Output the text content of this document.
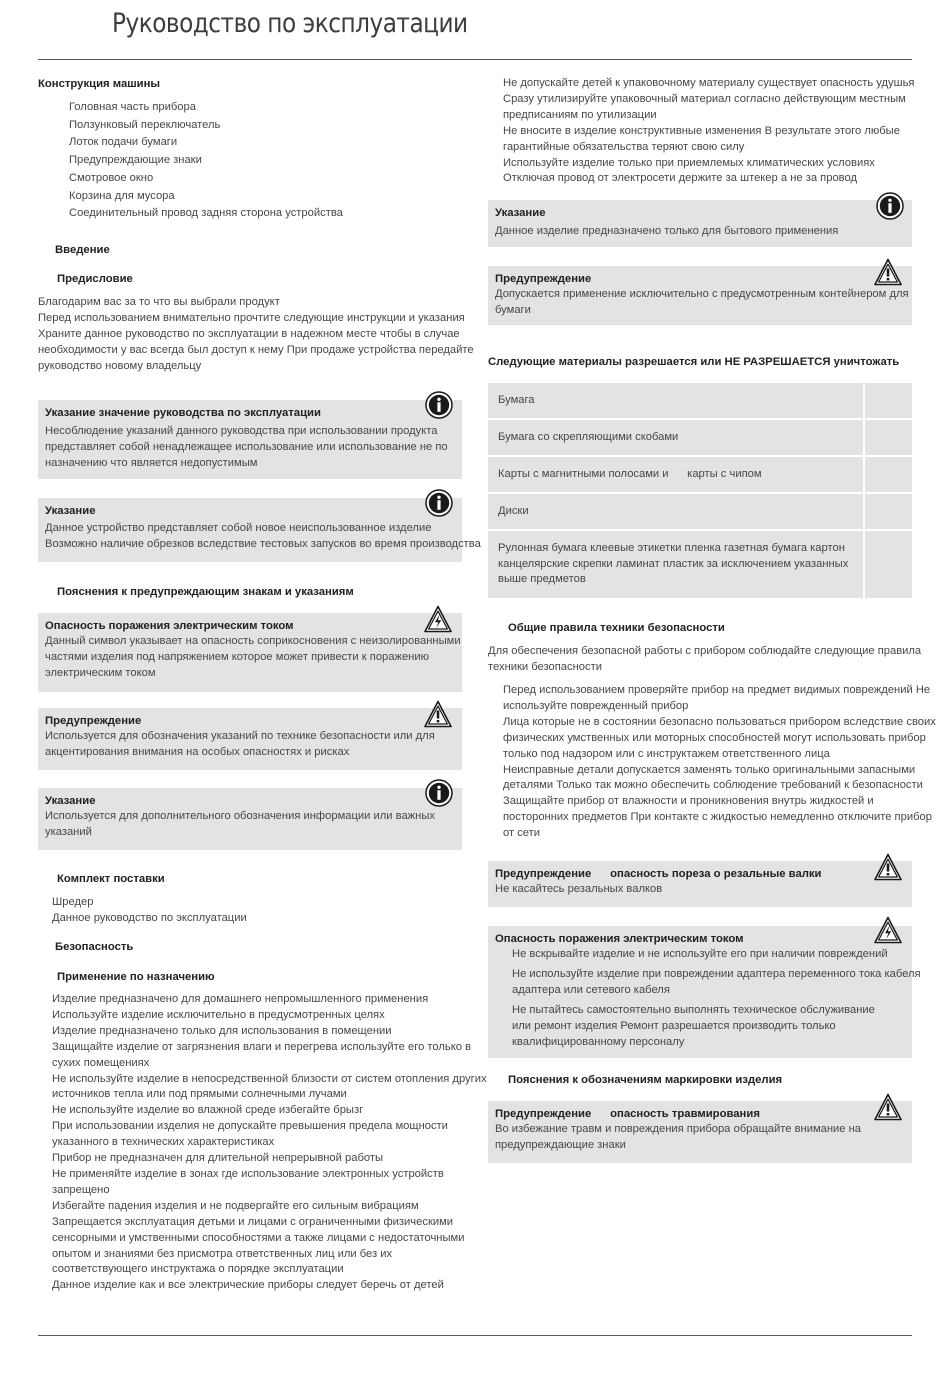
Руководство по эксплуатации
Конструкция машины
Головная часть прибора
Ползунковый переключатель
Лоток подачи бумаги
Предупреждающие знаки
Смотровое окно
Корзина для мусора
Соединительный провод задняя сторона устройства
Введение
Предисловие
Благодарим вас за то что вы выбрали продукт
Перед использованием внимательно прочтите следующие инструкции и указания
Храните данное руководство по эксплуатации в надежном месте чтобы в случае
необходимости у вас всегда был доступ к нему При продаже устройства передайте
руководство новому владельцу
Указание значение руководства по эксплуатации
Несоблюдение указаний данного руководства при использовании продукта
представляет собой ненадлежащее использование или использование не по
назначению что является недопустимым
Указание
Данное устройство представляет собой новое неиспользованное изделие
Возможно наличие обрезков вследствие тестовых запусков во время производства
Пояснения к предупреждающим знакам и указаниям
Опасность поражения электрическим током
Данный символ указывает на опасность соприкосновения с неизолированными
частями изделия под напряжением которое может привести к поражению
электрическим током
Предупреждение
Используется для обозначения указаний по технике безопасности или для
акцентирования внимания на особых опасностях и рисках
Указание
Используется для дополнительного обозначения информации или важных
указаний
Комплект поставки
Шредер
Данное руководство по эксплуатации
Безопасность
Применение по назначению
Изделие предназначено для домашнего непромышленного применения
Используйте изделие исключительно в предусмотренных целях
Изделие предназначено только для использования в помещении
Защищайте изделие от загрязнения влаги и перегрева используйте его только в
сухих помещениях
Не используйте изделие в непосредственной близости от систем отопления других
источников тепла или под прямыми солнечными лучами
Не используйте изделие во влажной среде избегайте брызг
При использовании изделия не допускайте превышения предела мощности
указанного в технических характеристиках
Прибор не предназначен для длительной непрерывной работы
Не применяйте изделие в зонах где использование электронных устройств
запрещено
Избегайте падения изделия и не подвергайте его сильным вибрациям
Запрещается эксплуатация детьми и лицами с ограниченными физическими
сенсорными и умственными способностями а также лицами с недостаточными
опытом и знаниями без присмотра ответственных лиц или без их
соответствующего инструктажа о порядке эксплуатации
Данное изделие как и все электрические приборы следует беречь от детей
Не допускайте детей к упаковочному материалу существует опасность удушья
Сразу утилизируйте упаковочный материал согласно действующим местным
предписаниям по утилизации
Не вносите в изделие конструктивные изменения В результате этого любые
гарантийные обязательства теряют свою силу
Используйте изделие только при приемлемых климатических условиях
Отключая провод от электросети держите за штекер а не за провод
Указание
Данное изделие предназначено только для бытового применения
Предупреждение
Допускается применение исключительно с предусмотренным контейнером для
бумаги
Следующие материалы разрешается или НЕ РАЗРЕШАЕТСЯ уничтожать
Бумага
Бумага со скрепляющими скобами
Карты с магнитными полосами и      карты с чипом
Диски
Рулонная бумага клеевые этикетки пленка газетная бумага картон
канцелярские скрепки ламинат пластик за исключением указанных
выше предметов
Общие правила техники безопасности
Для обеспечения безопасной работы с прибором соблюдайте следующие правила
техники безопасности
Перед использованием проверяйте прибор на предмет видимых повреждений Не
используйте поврежденный прибор
Лица которые не в состоянии безопасно пользоваться прибором вследствие своих
физических умственных или моторных способностей могут использовать прибор
только под надзором или с инструктажем ответственного лица
Неисправные детали допускается заменять только оригинальными запасными
деталями Только так можно обеспечить соблюдение требований к безопасности
Защищайте прибор от влажности и проникновения внутрь жидкостей и
посторонних предметов При контакте с жидкостью немедленно отключите прибор
от сети
Предупреждение      опасность пореза о резальные валки
Не касайтесь резальных валков
Опасность поражения электрическим током
Не вскрывайте изделие и не используйте его при наличии повреждений
Не используйте изделие при повреждении адаптера переменного тока кабеля
адаптера или сетевого кабеля
Не пытайтесь самостоятельно выполнять техническое обслуживание
или ремонт изделия Ремонт разрешается производить только
квалифицированному персоналу
Пояснения к обозначениям маркировки изделия
Предупреждение      опасность травмирования
Во избежание травм и повреждения прибора обращайте внимание на
предупреждающие знаки
